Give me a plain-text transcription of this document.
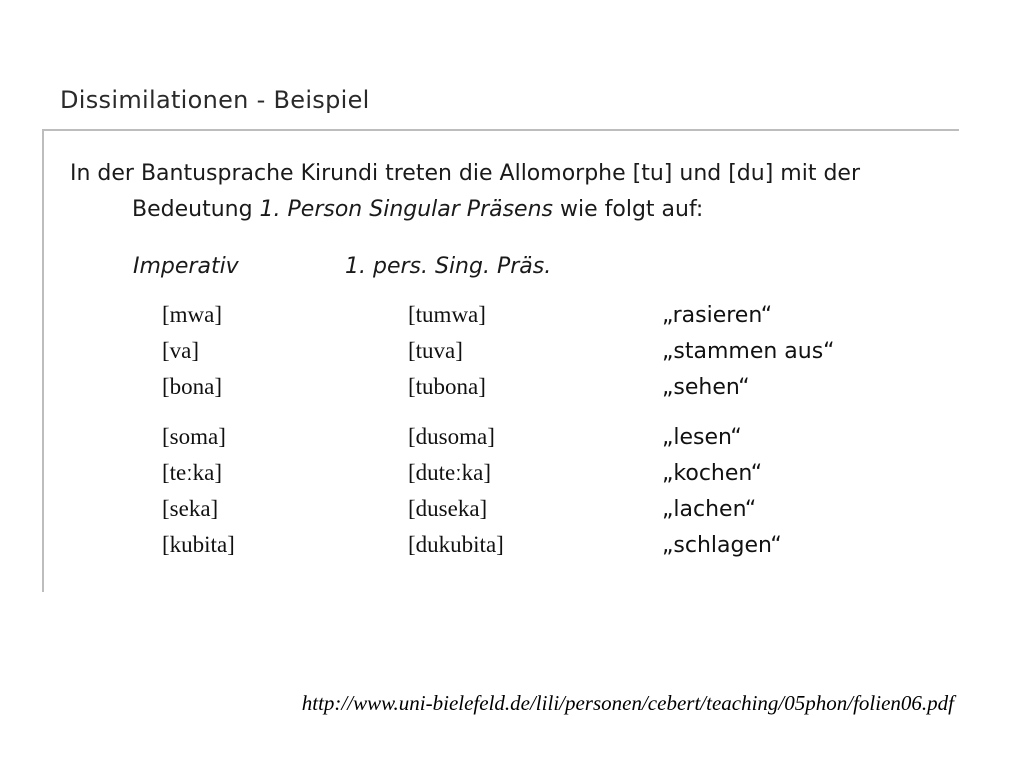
Dissimilationen - Beispiel
In der Bantusprache Kirundi treten die Allomorphe [tu] und [du] mit der
Bedeutung 1. Person Singular Präsens wie folgt auf:
Imperativ	1. pers. Sing. Präs.
[mwa]	[tumwa]	„rasieren“
[va]	[tuva]	„stammen aus“
[bona]	[tubona]	„sehen“
[soma]	[dusoma]	„lesen“
[teːka]	[duteːka]	„kochen“
[seka]	[duseka]	„lachen“
[kubita]	[dukubita]	„schlagen“
http://www.uni-bielefeld.de/lili/personen/cebert/teaching/05phon/folien06.pdf
